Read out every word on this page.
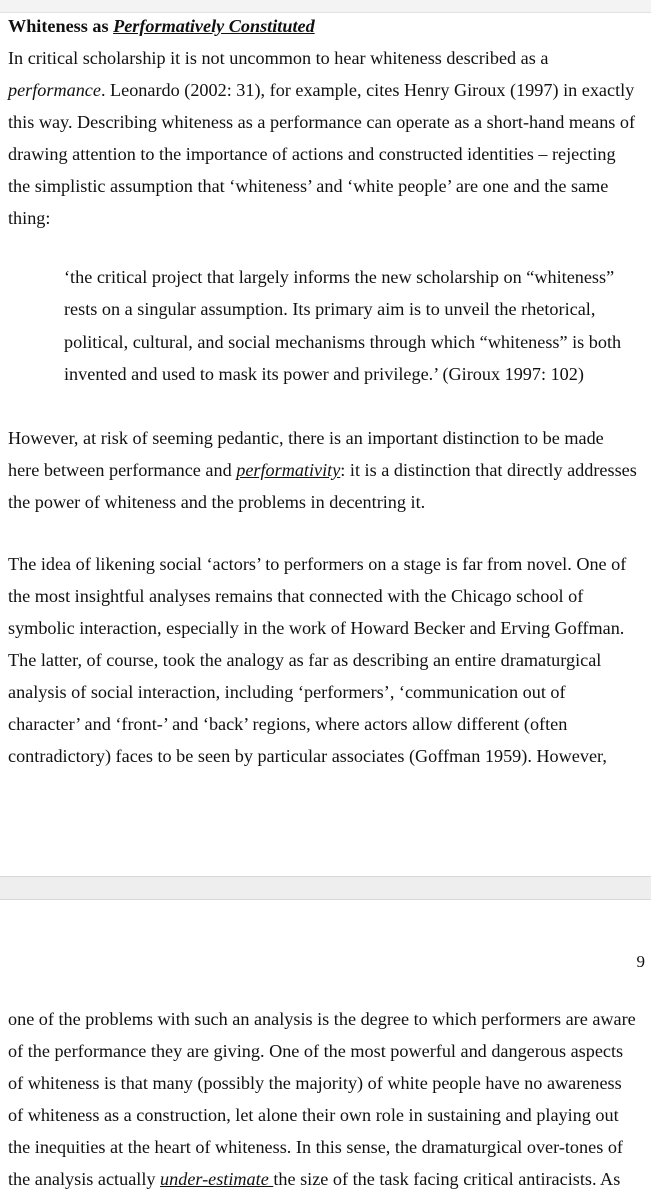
Whiteness as Performatively Constituted
In critical scholarship it is not uncommon to hear whiteness described as a
performance. Leonardo (2002: 31), for example, cites Henry Giroux (1997) in exactly
this way. Describing whiteness as a performance can operate as a short-hand means of
drawing attention to the importance of actions and constructed identities – rejecting
the simplistic assumption that ‘whiteness’ and ‘white people’ are one and the same
thing:
‘the critical project that largely informs the new scholarship on “whiteness”
rests on a singular assumption. Its primary aim is to unveil the rhetorical,
political, cultural, and social mechanisms through which “whiteness” is both
invented and used to mask its power and privilege.’ (Giroux 1997: 102)
However, at risk of seeming pedantic, there is an important distinction to be made
here between performance and performativity: it is a distinction that directly addresses
the power of whiteness and the problems in decentring it.
The idea of likening social ‘actors’ to performers on a stage is far from novel. One of
the most insightful analyses remains that connected with the Chicago school of
symbolic interaction, especially in the work of Howard Becker and Erving Goffman.
The latter, of course, took the analogy as far as describing an entire dramaturgical
analysis of social interaction, including ‘performers’, ‘communication out of
character’ and ‘front-’ and ‘back’ regions, where actors allow different (often
contradictory) faces to be seen by particular associates (Goffman 1959). However,
9
one of the problems with such an analysis is the degree to which performers are aware
of the performance they are giving. One of the most powerful and dangerous aspects
of whiteness is that many (possibly the majority) of white people have no awareness
of whiteness as a construction, let alone their own role in sustaining and playing out
the inequities at the heart of whiteness. In this sense, the dramaturgical over-tones of
the analysis actually under-estimate the size of the task facing critical antiracists. As
